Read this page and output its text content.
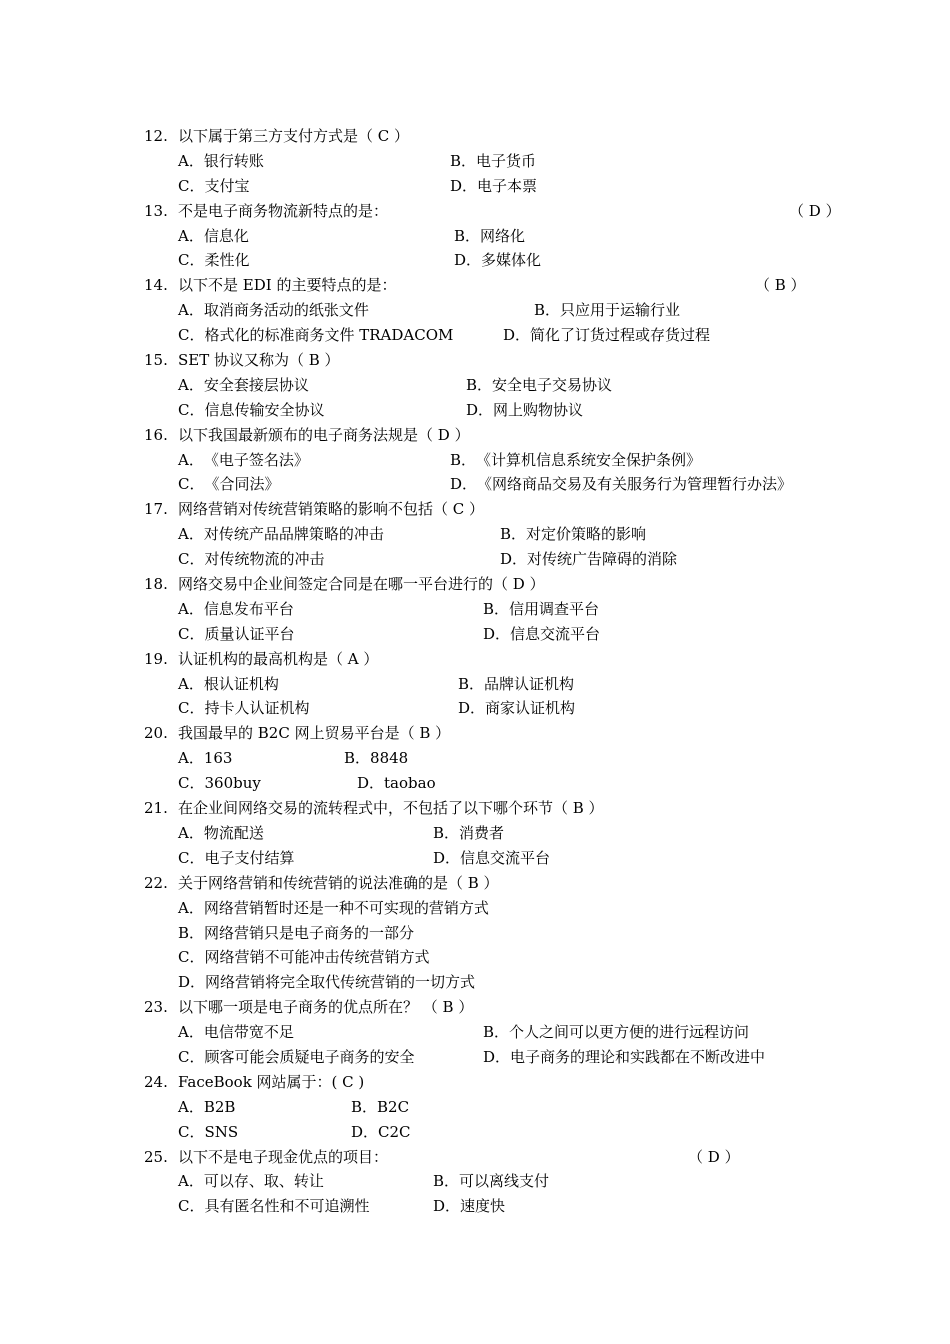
12. 以下属于第三方支付方式是（ C ）
A．银行转账	B．电子货币
C．支付宝	D．电子本票
13. 不是电子商务物流新特点的是：	（ D ）
A．信息化	B．网络化
C．柔性化	D．多媒体化
14. 以下不是 EDI 的主要特点的是：	（ B ）
A．取消商务活动的纸张文件	B．只应用于运输行业
C．格式化的标准商务文件 TRADACOM	D．简化了订货过程或存货过程
15. SET 协议又称为（ B ）
A．安全套接层协议	B．安全电子交易协议
C．信息传输安全协议	D．网上购物协议
16. 以下我国最新颁布的电子商务法规是（ D ）
A．《电子签名法》	B．《计算机信息系统安全保护条例》
C．《合同法》	D．《网络商品交易及有关服务行为管理暂行办法》
17. 网络营销对传统营销策略的影响不包括（ C ）
A．对传统产品品牌策略的冲击	B．对定价策略的影响
C．对传统物流的冲击	D．对传统广告障碍的消除
18. 网络交易中企业间签定合同是在哪一平台进行的（ D ）
A．信息发布平台	B．信用调查平台
C．质量认证平台	D．信息交流平台
19. 认证机构的最高机构是（ A ）
A．根认证机构	B．品牌认证机构
C．持卡人认证机构	D．商家认证机构
20. 我国最早的 B2C 网上贸易平台是（ B ）
A．163	B．8848
C．360buy	D．taobao
21. 在企业间网络交易的流转程式中，不包括了以下哪个环节（ B ）
A．物流配送	B．消费者
C．电子支付结算	D．信息交流平台
22. 关于网络营销和传统营销的说法准确的是（ B ）
A．网络营销暂时还是一种不可实现的营销方式
B．网络营销只是电子商务的一部分
C．网络营销不可能冲击传统营销方式
D．网络营销将完全取代传统营销的一切方式
23. 以下哪一项是电子商务的优点所在？ （ B ）
A．电信带宽不足	B．个人之间可以更方便的进行远程访问
C．顾客可能会质疑电子商务的安全	D．电子商务的理论和实践都在不断改进中
24. FaceBook 网站属于：( C )
A．B2B	B．B2C
C．SNS	D．C2C
25. 以下不是电子现金优点的项目：	（ D ）
A．可以存、取、转让	B．可以离线支付
C．具有匿名性和不可追溯性	D．速度快
